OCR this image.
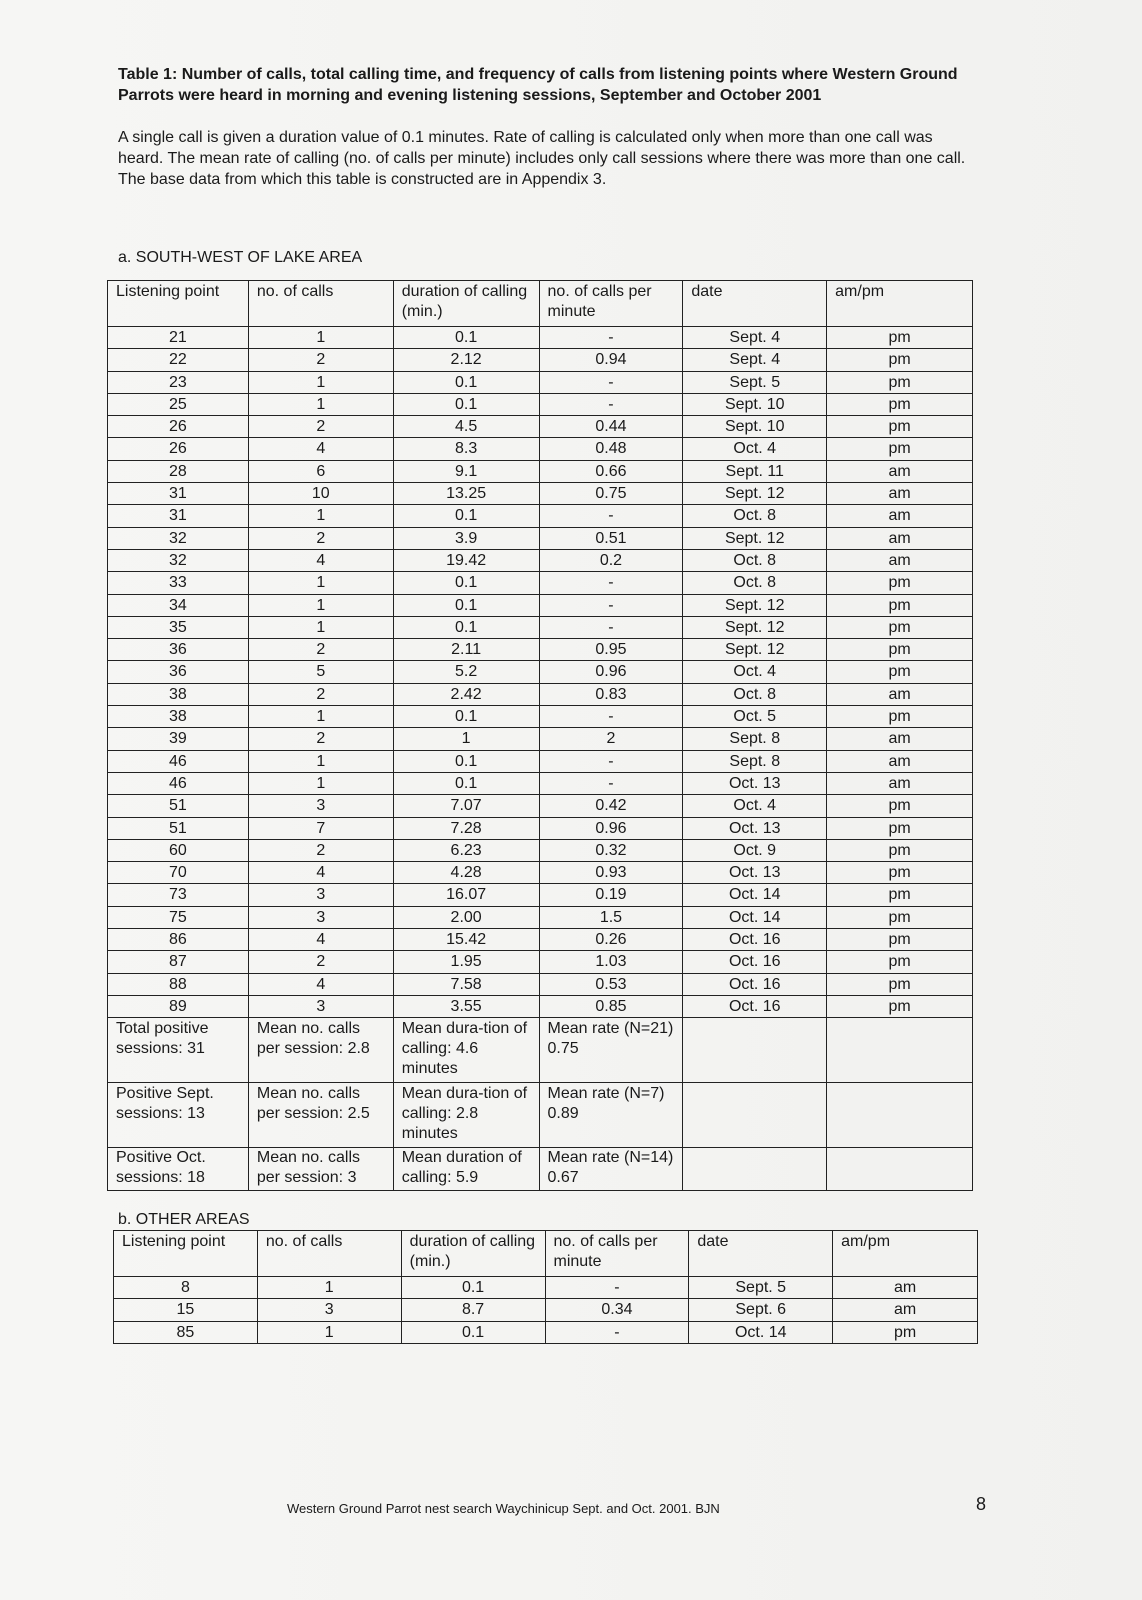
Table 1: Number of calls, total calling time, and frequency of calls from listening points where Western Ground Parrots were heard in morning and evening listening sessions, September and October 2001

A single call is given a duration value of 0.1 minutes. Rate of calling is calculated only when more than one call was heard. The mean rate of calling (no. of calls per minute) includes only call sessions where there was more than one call.

The base data from which this table is constructed are in Appendix 3.

a. SOUTH-WEST OF LAKE AREA
Listening point	no. of calls	duration of calling (min.)	no. of calls per minute	date	am/pm
21	1	0.1	-	Sept. 4	pm
22	2	2.12	0.94	Sept. 4	pm
23	1	0.1	-	Sept. 5	pm
25	1	0.1	-	Sept. 10	pm
26	2	4.5	0.44	Sept. 10	pm
26	4	8.3	0.48	Oct. 4	pm
28	6	9.1	0.66	Sept. 11	am
31	10	13.25	0.75	Sept. 12	am
31	1	0.1	-	Oct. 8	am
32	2	3.9	0.51	Sept. 12	am
32	4	19.42	0.2	Oct. 8	am
33	1	0.1	-	Oct. 8	pm
34	1	0.1	-	Sept. 12	pm
35	1	0.1	-	Sept. 12	pm
36	2	2.11	0.95	Sept. 12	pm
36	5	5.2	0.96	Oct. 4	pm
38	2	2.42	0.83	Oct. 8	am
38	1	0.1	-	Oct. 5	pm
39	2	1	2	Sept. 8	am
46	1	0.1	-	Sept. 8	am
46	1	0.1	-	Oct. 13	am
51	3	7.07	0.42	Oct. 4	pm
51	7	7.28	0.96	Oct. 13	pm
60	2	6.23	0.32	Oct. 9	pm
70	4	4.28	0.93	Oct. 13	pm
73	3	16.07	0.19	Oct. 14	pm
75	3	2.00	1.5	Oct. 14	pm
86	4	15.42	0.26	Oct. 16	pm
87	2	1.95	1.03	Oct. 16	pm
88	4	7.58	0.53	Oct. 16	pm
89	3	3.55	0.85	Oct. 16	pm
Total positive sessions: 31	Mean no. calls per session: 2.8	Mean dura-tion of calling: 4.6 minutes	Mean rate (N=21) 0.75		
Positive Sept. sessions: 13	Mean no. calls per session: 2.5	Mean dura-tion of calling: 2.8 minutes	Mean rate (N=7) 0.89		
Positive Oct. sessions: 18	Mean no. calls per session: 3	Mean duration of calling: 5.9	Mean rate (N=14) 0.67		
b. OTHER AREAS
Listening point	no. of calls	duration of calling (min.)	no. of calls per minute	date	am/pm
8	1	0.1	-	Sept. 5	am
15	3	8.7	0.34	Sept. 6	am
85	1	0.1	-	Oct. 14	pm
Western Ground Parrot nest search Waychinicup Sept. and Oct. 2001. BJN	8
